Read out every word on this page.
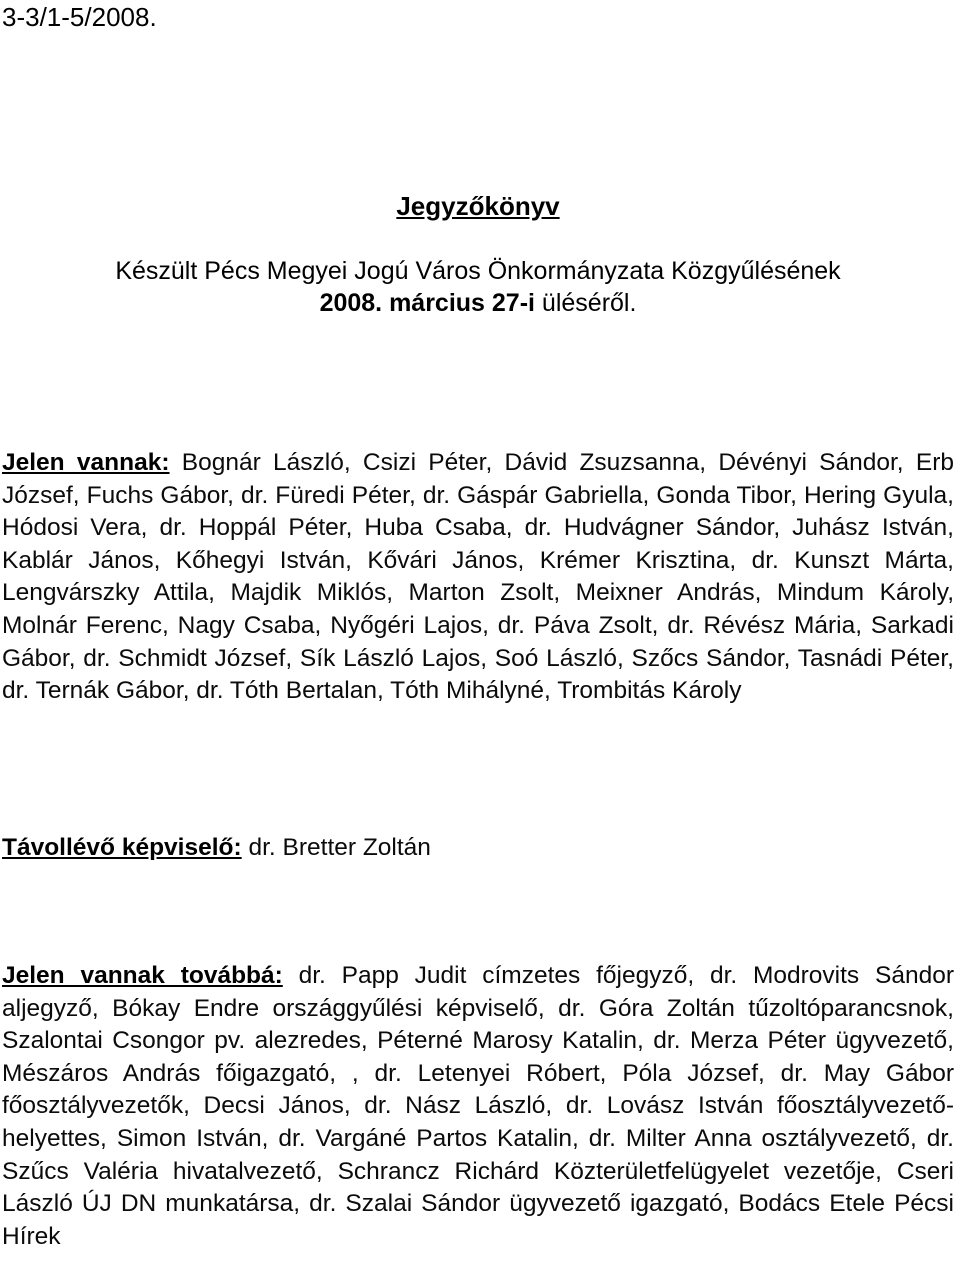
3-3/1-5/2008.
Jegyzőkönyv
Készült Pécs Megyei Jogú Város Önkormányzata Közgyűlésének
2008. március 27-i üléséről.
Jelen vannak: Bognár László, Csizi Péter, Dávid Zsuzsanna, Dévényi Sándor, Erb József, Fuchs Gábor, dr. Füredi Péter, dr. Gáspár Gabriella, Gonda Tibor, Hering Gyula, Hódosi Vera, dr. Hoppál Péter, Huba Csaba, dr. Hudvágner Sándor, Juhász István, Kablár János, Kőhegyi István, Kővári János, Krémer Krisztina, dr. Kunszt Márta, Lengvárszky Attila, Majdik Miklós, Marton Zsolt, Meixner András, Mindum Károly, Molnár Ferenc, Nagy Csaba, Nyőgéri Lajos, dr. Páva Zsolt, dr. Révész Mária, Sarkadi Gábor, dr. Schmidt József, Sík László Lajos, Soó László, Szőcs Sándor, Tasnádi Péter, dr. Ternák Gábor, dr. Tóth Bertalan, Tóth Mihályné, Trombitás Károly
Távollévő képviselő: dr. Bretter Zoltán
Jelen vannak továbbá: dr. Papp Judit címzetes főjegyző, dr. Modrovits Sándor aljegyző, Bókay Endre országgyűlési képviselő, dr. Góra Zoltán tűzoltóparancsnok, Szalontai Csongor pv. alezredes, Péterné Marosy Katalin, dr. Merza Péter ügyvezető, Mészáros András főigazgató, , dr. Letenyei Róbert, Póla József, dr. May Gábor főosztályvezetők, Decsi János, dr. Nász László, dr. Lovász István főosztályvezető-helyettes, Simon István, dr. Vargáné Partos Katalin, dr. Milter Anna osztályvezető, dr. Szűcs Valéria hivatalvezető, Schrancz Richárd Közterületfelügyelet vezetője, Cseri László ÚJ DN munkatársa, dr. Szalai Sándor ügyvezető igazgató, Bodács Etele Pécsi Hírek
